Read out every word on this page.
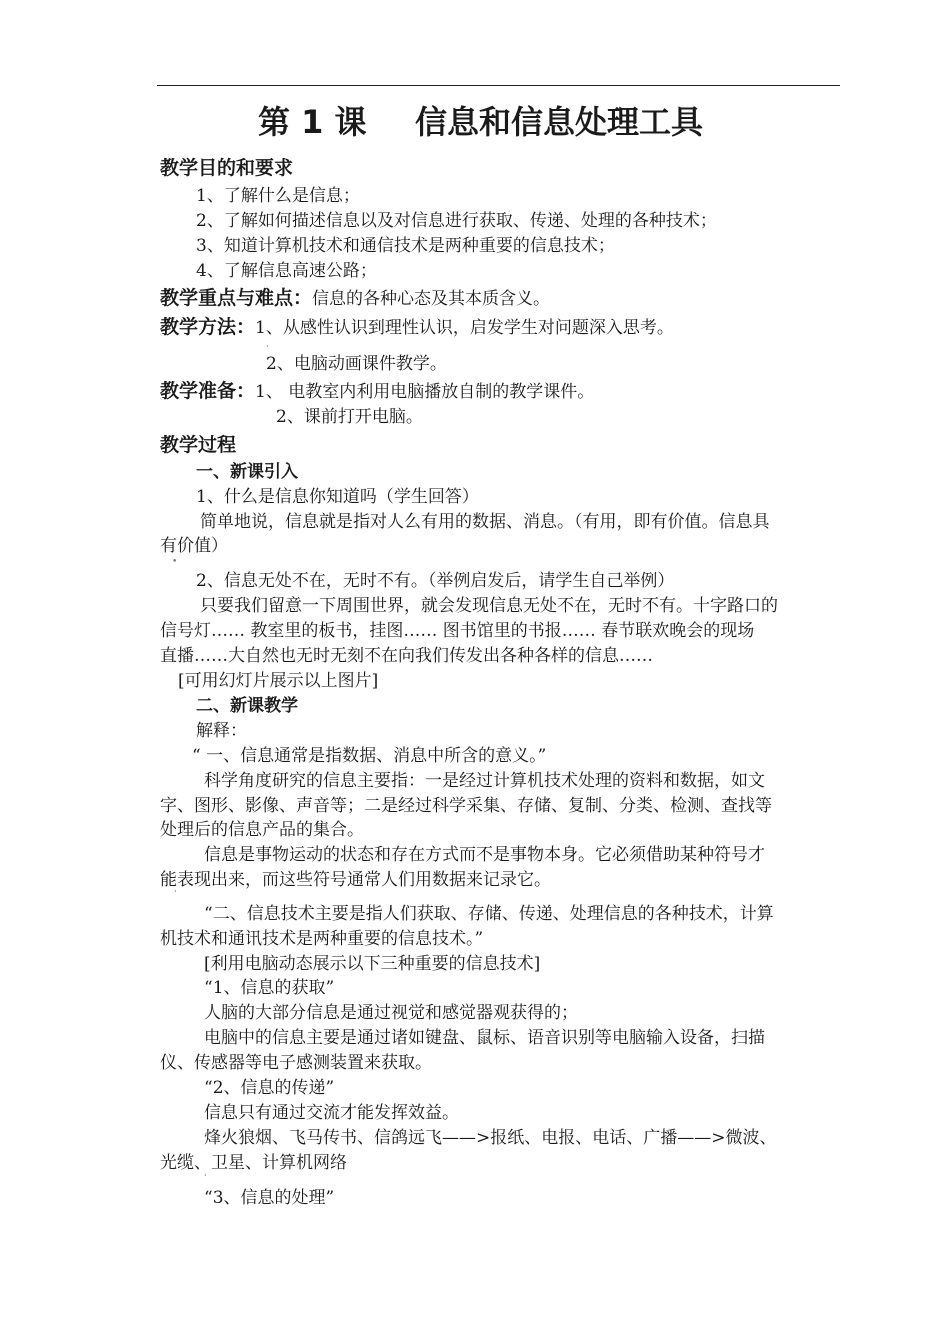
第 1 课 信息和信息处理工具
教学目的和要求
1、了解什么是信息；
2、了解如何描述信息以及对信息进行获取、传递、处理的各种技术；
3、知道计算机技术和通信技术是两种重要的信息技术；
4、了解信息高速公路；
教学重点与难点：信息的各种心态及其本质含义。
教学方法：1、从感性认识到理性认识，启发学生对问题深入思考。
·
2、电脑动画课件教学。
教学准备：1、 电教室内利用电脑播放自制的教学课件。
2、课前打开电脑。
教学过程
一、新课引入
1、什么是信息你知道吗（学生回答）
简单地说，信息就是指对人么有用的数据、消息。（有用，即有价值。信息具
有价值）
•
2、信息无处不在，无时不有。（举例启发后，请学生自己举例）
只要我们留意一下周围世界，就会发现信息无处不在，无时不有。十字路口的
信号灯…… 教室里的板书，挂图…… 图书馆里的书报…… 春节联欢晚会的现场
直播……大自然也无时无刻不在向我们传发出各种各样的信息……
[可用幻灯片展示以上图片]
二、新课教学
解释：
“ 一、信息通常是指数据、消息中所含的意义。”
科学角度研究的信息主要指：一是经过计算机技术处理的资料和数据，如文
字、图形、影像、声音等；二是经过科学采集、存储、复制、分类、检测、查找等
处理后的信息产品的集合。
信息是事物运动的状态和存在方式而不是事物本身。它必须借助某种符号才
能表现出来，而这些符号通常人们用数据来记录它。
ˈ
“二、信息技术主要是指人们获取、存储、传递、处理信息的各种技术，计算
机技术和通讯技术是两种重要的信息技术。”
[利用电脑动态展示以下三种重要的信息技术]
“1、信息的获取”
人脑的大部分信息是通过视觉和感觉器观获得的；
电脑中的信息主要是通过诸如键盘、鼠标、语音识别等电脑输入设备，扫描
仪、传感器等电子感测装置来获取。
“2、信息的传递”
信息只有通过交流才能发挥效益。
烽火狼烟、飞马传书、信鸽远飞——>报纸、电报、电话、广播——>微波、
光缆、卫星、计算机网络
ˈ
“3、信息的处理”
